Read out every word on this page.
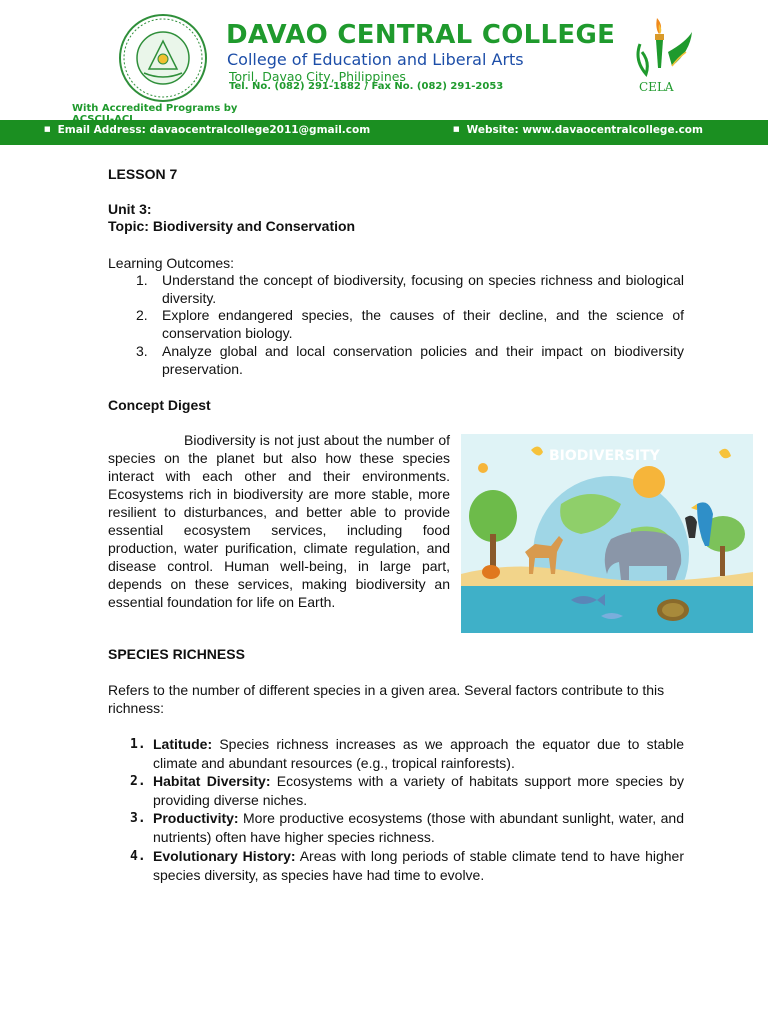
DAVAO CENTRAL COLLEGE
College of Education and Liberal Arts
Toril, Davao City, Philippines
Tel. No. (082) 291-1882 / Fax No. (082) 291-2053	CELA
With Accredited Programs by
■ Email Address: davaocentralcollege2011@gmail.com	■ Website: www.davaocentralcollege.com
LESSON 7
Unit 3:
Topic: Biodiversity and Conservation
Learning Outcomes:
1. Understand the concept of biodiversity, focusing on species richness and biological diversity.
2. Explore endangered species, the causes of their decline, and the science of conservation biology.
3. Analyze global and local conservation policies and their impact on biodiversity preservation.
Concept Digest
Biodiversity is not just about the number of species on the planet but also how these species interact with each other and their environments. Ecosystems rich in biodiversity are more stable, more resilient to disturbances, and better able to provide essential ecosystem services, including food production, water purification, climate regulation, and disease control. Human well-being, in large part, depends on these services, making biodiversity an essential foundation for life on Earth.
BIODIVERSITY
SPECIES RICHNESS
Refers to the number of different species in a given area. Several factors contribute to this richness:
1. Latitude: Species richness increases as we approach the equator due to stable climate and abundant resources (e.g., tropical rainforests).
2. Habitat Diversity: Ecosystems with a variety of habitats support more species by providing diverse niches.
3. Productivity: More productive ecosystems (those with abundant sunlight, water, and nutrients) often have higher species richness.
4. Evolutionary History: Areas with long periods of stable climate tend to have higher species diversity, as species have had time to evolve.
